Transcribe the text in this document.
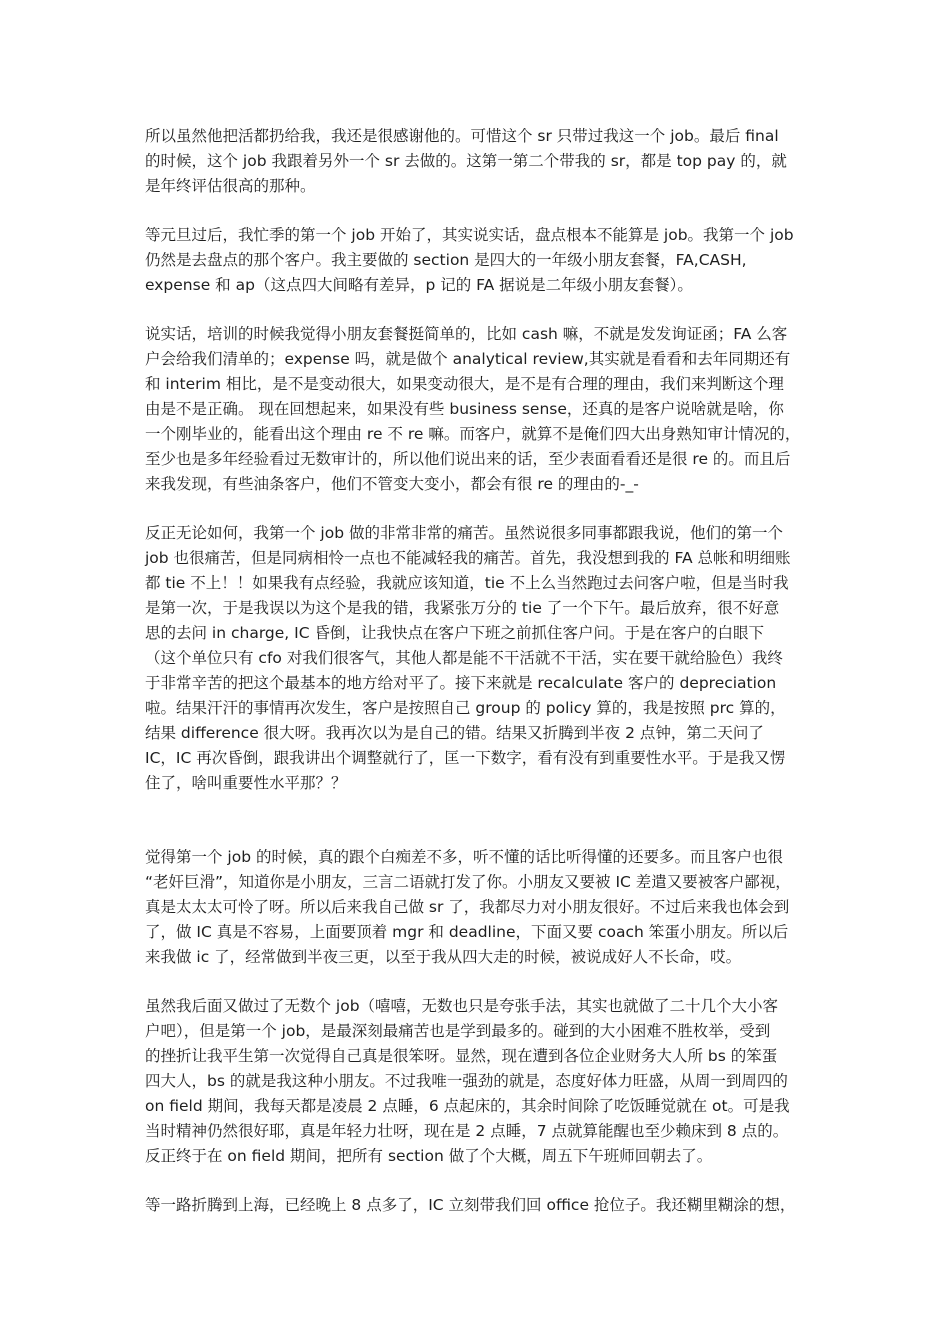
所以虽然他把活都扔给我，我还是很感谢他的。可惜这个 sr 只带过我这一个 job。最后 final
的时候，这个 job 我跟着另外一个 sr 去做的。这第一第二个带我的 sr，都是 top pay 的，就
是年终评估很高的那种。
等元旦过后，我忙季的第一个 job 开始了，其实说实话，盘点根本不能算是 job。我第一个 job
仍然是去盘点的那个客户。我主要做的 section 是四大的一年级小朋友套餐，FA,CASH,
expense 和 ap（这点四大间略有差异，p 记的 FA 据说是二年级小朋友套餐）。
说实话，培训的时候我觉得小朋友套餐挺简单的，比如 cash 嘛，不就是发发询证函；FA 么客
户会给我们清单的；expense 吗，就是做个 analytical review,其实就是看看和去年同期还有
和 interim 相比，是不是变动很大，如果变动很大，是不是有合理的理由，我们来判断这个理
由是不是正确。 现在回想起来，如果没有些 business sense，还真的是客户说啥就是啥，你
一个刚毕业的，能看出这个理由 re 不 re 嘛。而客户，就算不是俺们四大出身熟知审计情况的，
至少也是多年经验看过无数审计的，所以他们说出来的话，至少表面看看还是很 re 的。而且后
来我发现，有些油条客户，他们不管变大变小，都会有很 re 的理由的-_-
反正无论如何，我第一个 job 做的非常非常的痛苦。虽然说很多同事都跟我说，他们的第一个
job 也很痛苦，但是同病相怜一点也不能减轻我的痛苦。首先，我没想到我的 FA 总帐和明细账
都 tie 不上！！如果我有点经验，我就应该知道，tie 不上么当然跑过去问客户啦，但是当时我
是第一次，于是我误以为这个是我的错，我紧张万分的 tie 了一个下午。最后放弃，很不好意
思的去问 in charge, IC 昏倒，让我快点在客户下班之前抓住客户问。于是在客户的白眼下
（这个单位只有 cfo 对我们很客气，其他人都是能不干活就不干活，实在要干就给脸色）我终
于非常辛苦的把这个最基本的地方给对平了。接下来就是 recalculate 客户的 depreciation
啦。结果汗汗的事情再次发生，客户是按照自己 group 的 policy 算的，我是按照 prc 算的，
结果 difference 很大呀。我再次以为是自己的错。结果又折腾到半夜 2 点钟，第二天问了
IC，IC 再次昏倒，跟我讲出个调整就行了，匡一下数字，看有没有到重要性水平。于是我又愣
住了，啥叫重要性水平那？？
觉得第一个 job 的时候，真的跟个白痴差不多，听不懂的话比听得懂的还要多。而且客户也很
“老奸巨滑”，知道你是小朋友，三言二语就打发了你。小朋友又要被 IC 差遣又要被客户鄙视，
真是太太太可怜了呀。所以后来我自己做 sr 了，我都尽力对小朋友很好。不过后来我也体会到
了，做 IC 真是不容易，上面要顶着 mgr 和 deadline，下面又要 coach 笨蛋小朋友。所以后
来我做 ic 了，经常做到半夜三更，以至于我从四大走的时候，被说成好人不长命，哎。
虽然我后面又做过了无数个 job（嘻嘻，无数也只是夸张手法，其实也就做了二十几个大小客
户吧），但是第一个 job，是最深刻最痛苦也是学到最多的。碰到的大小困难不胜枚举，受到
的挫折让我平生第一次觉得自己真是很笨呀。显然，现在遭到各位企业财务大人所 bs 的笨蛋
四大人，bs 的就是我这种小朋友。不过我唯一强劲的就是，态度好体力旺盛，从周一到周四的
on field 期间，我每天都是凌晨 2 点睡，6 点起床的，其余时间除了吃饭睡觉就在 ot。可是我
当时精神仍然很好耶，真是年轻力壮呀，现在是 2 点睡，7 点就算能醒也至少赖床到 8 点的。
反正终于在 on field 期间，把所有 section 做了个大概，周五下午班师回朝去了。
等一路折腾到上海，已经晚上 8 点多了，IC 立刻带我们回 office 抢位子。我还糊里糊涂的想，
